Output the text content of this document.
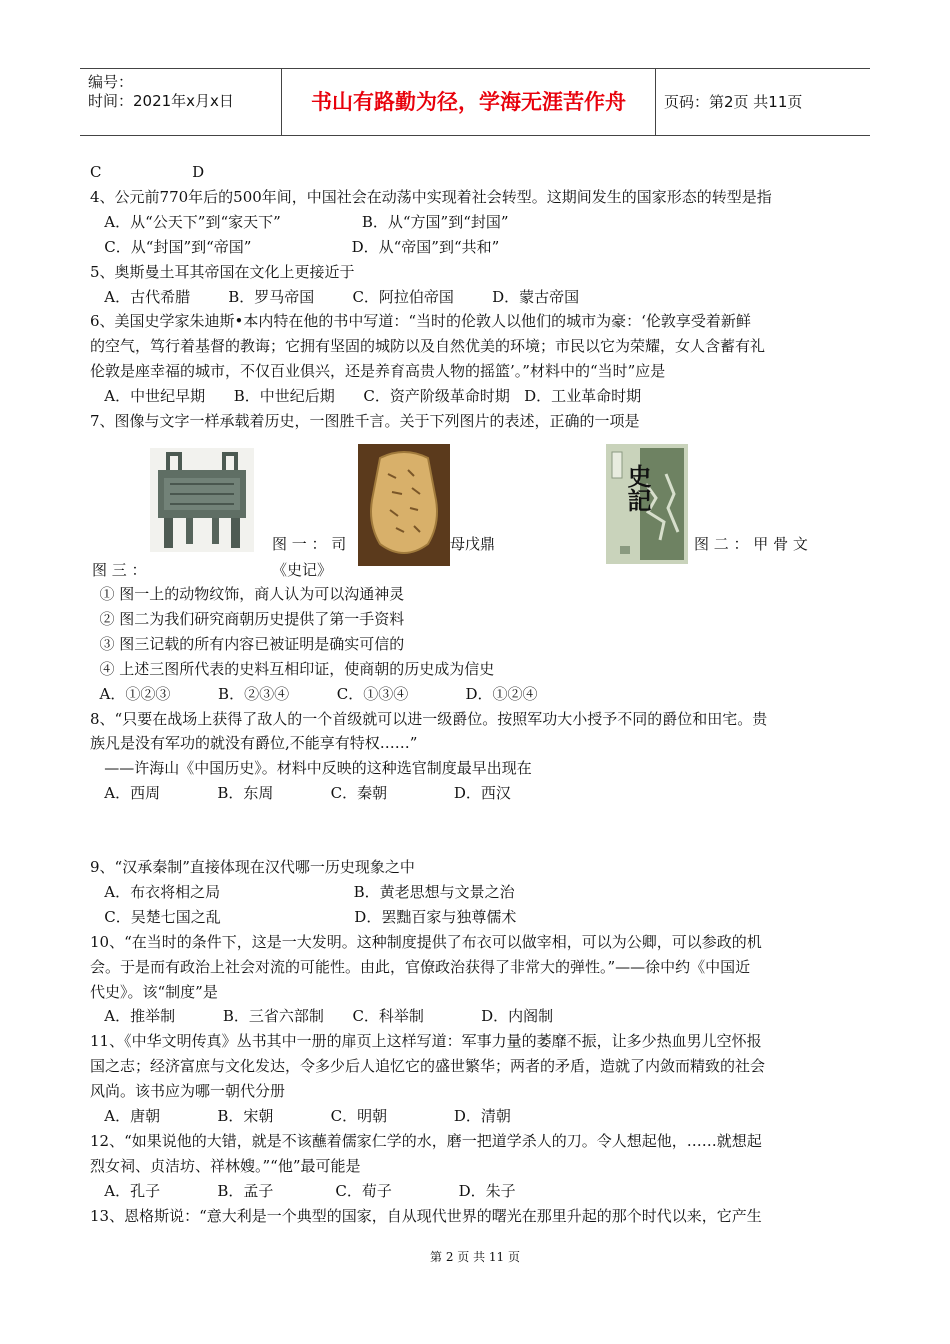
编号：
时间：2021年x月x日	书山有路勤为径，学海无涯苦作舟	页码：第2页 共11页
C                   D
4、公元前770年后的500年间，中国社会在动荡中实现着社会转型。这期间发生的国家形态的转型是指
A．从“公天下”到“家天下”                 B．从“方国”到“封国”
C．从“封国”到“帝国”                     D．从“帝国”到“共和”
5、奥斯曼土耳其帝国在文化上更接近于
A．古代希腊        B．罗马帝国        C．阿拉伯帝国        D．蒙古帝国
6、美国史学家朱迪斯•本内特在他的书中写道：“当时的伦敦人以他们的城市为豪：‘伦敦享受着新鲜
的空气，笃行着基督的教诲；它拥有坚固的城防以及自然优美的环境；市民以它为荣耀，女人含蓄有礼
伦敦是座幸福的城市，不仅百业俱兴，还是养育高贵人物的摇篮’。”材料中的“当时”应是
A．中世纪早期      B．中世纪后期      C．资产阶级革命时期   D．工业革命时期
7、图像与文字一样承载着历史，一图胜千言。关于下列图片的表述，正确的一项是
① 图一上的动物纹饰，商人认为可以沟通神灵
② 图二为我们研究商朝历史提供了第一手资料
③ 图三记载的所有内容已被证明是确实可信的
④ 上述三图所代表的史料互相印证，使商朝的历史成为信史
A．①②③          B．②③④          C．①③④            D．①②④
8、“只要在战场上获得了敌人的一个首级就可以进一级爵位。按照军功大小授予不同的爵位和田宅。贵
族凡是没有军功的就没有爵位,不能享有特权……”
——许海山《中国历史》。材料中反映的这种选官制度最早出现在
A．西周            B．东周            C．秦朝              D．西汉
9、“汉承秦制”直接体现在汉代哪一历史现象之中
A．布衣将相之局                            B．黄老思想与文景之治
C．吴楚七国之乱                            D．罢黜百家与独尊儒术
10、“在当时的条件下，这是一大发明。这种制度提供了布衣可以做宰相，可以为公卿，可以参政的机
会。于是而有政治上社会对流的可能性。由此，官僚政治获得了非常大的弹性。”——徐中约《中国近
代史》。该“制度”是
A．推举制          B．三省六部制      C．科举制            D．内阁制
11、《中华文明传真》丛书其中一册的扉页上这样写道：军事力量的萎靡不振，让多少热血男儿空怀报
国之志；经济富庶与文化发达，令多少后人追忆它的盛世繁华；两者的矛盾，造就了内敛而精致的社会
风尚。该书应为哪一朝代分册
A．唐朝            B．宋朝            C．明朝              D．清朝
12、“如果说他的大错，就是不该蘸着儒家仁学的水，磨一把道学杀人的刀。令人想起他，……就想起
烈女祠、贞洁坊、祥林嫂。”“他”最可能是
A．孔子            B．孟子             C．荀子              D．朱子
13、恩格斯说：“意大利是一个典型的国家，自从现代世界的曙光在那里升起的那个时代以来，它产生
图 一 ： 司	母戊鼎
史記
图 二 ： 甲 骨 文
图 三 ：	《史记》
第 2 页 共 11 页
